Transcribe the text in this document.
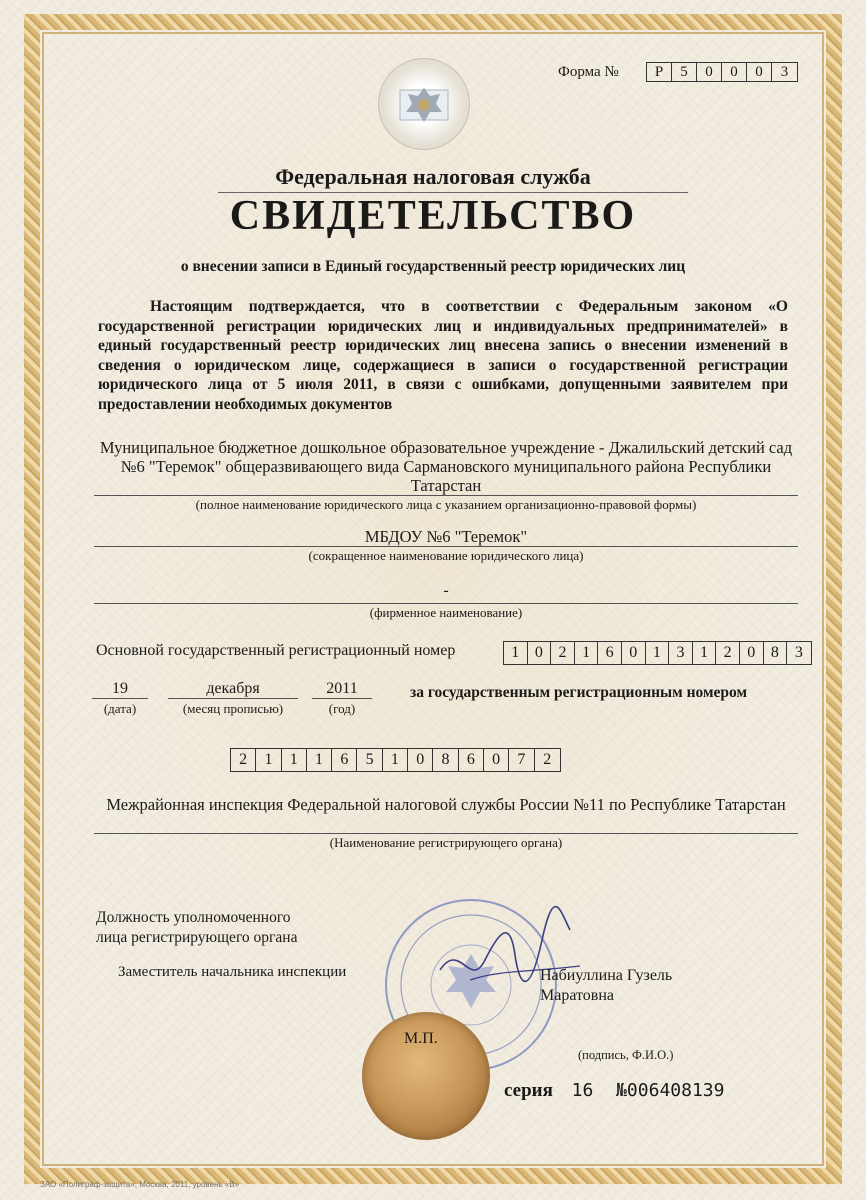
Форма №	Р	5	0	0	0	3
Федеральная налоговая служба
СВИДЕТЕЛЬСТВО
о внесении записи в Единый государственный реестр юридических лиц
Настоящим подтверждается, что в соответствии с Федеральным законом «О государственной регистрации юридических лиц и индивидуальных предпринимателей» в единый государственный реестр юридических лиц внесена запись о внесении изменений в сведения о юридическом лице, содержащиеся в записи о государственной регистрации юридического лица от 5 июля 2011, в связи с ошибками, допущенными заявителем при предоставлении необходимых документов
Муниципальное бюджетное дошкольное образовательное учреждение - Джалильский детский сад №6 "Теремок" общеразвивающего вида Сармановского муниципального района Республики Татарстан
(полное наименование юридического лица с указанием организационно-правовой формы)
МБДОУ №6 "Теремок"
(сокращенное наименование юридического лица)
-
(фирменное наименование)
Основной государственный регистрационный номер	1 0 2 1 6 0 1 3 1 2 0 8	3
19
(дата)
декабря
(месяц прописью)
2011
(год)
за государственным регистрационным номером
2	1	1	1	6	5	1	0	8	6	0	7	2
Межрайонная инспекция Федеральной налоговой службы России №11 по Республике Татарстан
(Наименование регистрирующего органа)
Должность уполномоченного
лица регистрирующего органа
Заместитель начальника инспекции	Набиуллина Гузель
Маратовна
(подпись, Ф.И.О.)
М.П.
серия 16 №006408139
ЗАО «Полиграф-защита», Москва, 2011, уровень «В»
